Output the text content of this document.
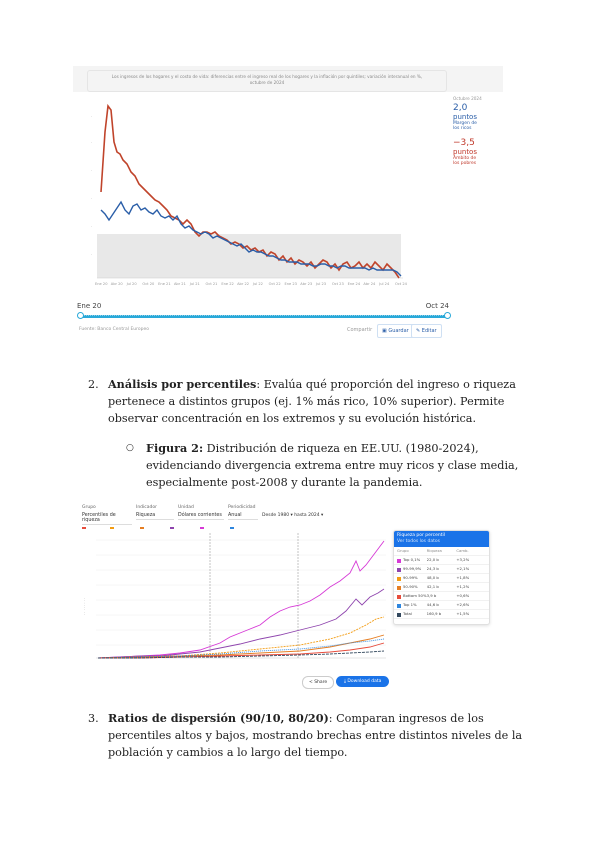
Los ingresos de los hogares y el costo de vida: diferencias entre el ingreso real de los hogares y la inflación por quintiles; variación interanual en %,
octubre de 2024
Ene 20 Abr 20 Jul 20 Oct 20 Ene 21 Abr 21 Jul 21 Oct 21 Ene 22 Abr 22 Jul 22 Oct 22 Ene 23 Abr 23 Jul 23 Oct 23 Ene 24 Abr 24 Jul 24 Oct 24
·
·
·
·
·
·
Octubre 2024
2,0
puntos
Margen de
los ricos
−3,5
puntos
Ámbito de
los pobres
Ene 20	Oct 24
Fuente: Banco Central Europeo	Compartir	▣ Guardar	✎ Editar
2. Análisis por percentiles: Evalúa qué proporción del ingreso o riqueza pertenece a distintos grupos (ej. 1% más rico, 10% superior). Permite observar concentración en los extremos y su evolución histórica.
○ Figura 2: Distribución de riqueza en EE.UU. (1980-2024), evidenciando divergencia extrema entre muy ricos y clase media, especialmente post-2008 y durante la pandemia.
Grupo
Percentiles de riqueza
Indicador
Riqueza
Unidad
Dólares corrientes
Periodicidad
Anual
Rango
Desde 1980 ▾ hasta 2024 ▾
· · · · · · · ·
Riqueza por percentil
Ver todos los datos
Grupo	Riqueza	Camb.
Top 0,1%	22,0 b	+3,2%
99-99,9%	24,3 b	+2,1%
90-99%	48,0 b	+1,8%
50-90%	42,1 b	+1,2%
Bottom 50% 3,9 b	+0,6%
Top 1%	44,6 b	+2,6%
Total	160,9 b	+1,5%
< Share	⤓ Download data
3. Ratios de dispersión (90/10, 80/20): Comparan ingresos de los percentiles altos y bajos, mostrando brechas entre distintos niveles de la población y cambios a lo largo del tiempo.
